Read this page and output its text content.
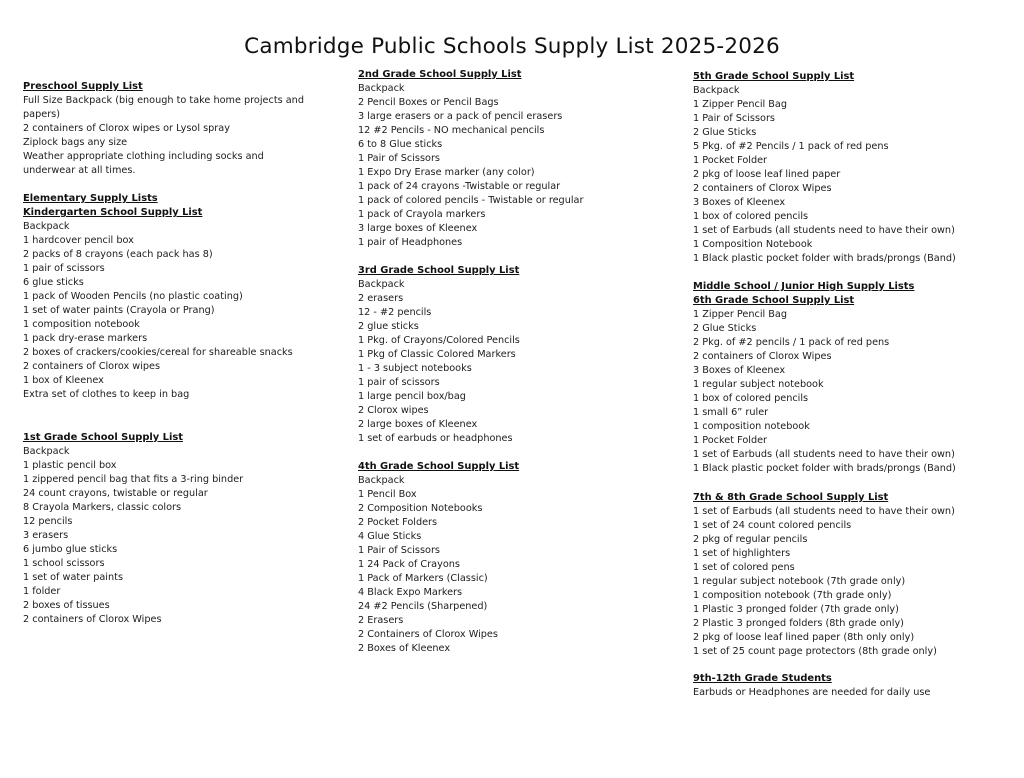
Cambridge Public Schools Supply List 2025-2026
Preschool Supply List
Full Size Backpack (big enough to take home projects and papers)
2 containers of Clorox wipes or Lysol spray
Ziplock bags any size
Weather appropriate clothing including socks and underwear at all times.
Elementary Supply Lists
Kindergarten School Supply List
Backpack
1 hardcover pencil box
2 packs of 8 crayons (each pack has 8)
1 pair of scissors
6 glue sticks
1 pack of Wooden Pencils (no plastic coating)
1 set of water paints (Crayola or Prang)
1 composition notebook
1 pack dry-erase markers
2 boxes of crackers/cookies/cereal for shareable snacks
2 containers of Clorox wipes
1 box of Kleenex
Extra set of clothes to keep in bag
1st Grade School Supply List
Backpack
1 plastic pencil box
1 zippered pencil bag that fits a 3-ring binder
24 count crayons, twistable or regular
8 Crayola Markers, classic colors
12 pencils
3 erasers
6 jumbo glue sticks
1 school scissors
1 set of water paints
1 folder
2 boxes of tissues
2 containers of Clorox Wipes
2nd Grade School Supply List
Backpack
2 Pencil Boxes or Pencil Bags
3 large erasers or a pack of pencil erasers
12 #2 Pencils - NO mechanical pencils
6 to 8 Glue sticks
1 Pair of Scissors
1 Expo Dry Erase marker (any color)
1 pack of 24 crayons -Twistable or regular
1 pack of colored pencils - Twistable or regular
1 pack of Crayola markers
3 large boxes of Kleenex
1 pair of Headphones
3rd Grade School Supply List
Backpack
2 erasers
12 - #2 pencils
2 glue sticks
1 Pkg. of Crayons/Colored Pencils
1 Pkg of Classic Colored Markers
1 - 3 subject notebooks
1 pair of scissors
1 large pencil box/bag
2 Clorox wipes
2 large boxes of Kleenex
1 set of earbuds or headphones
4th Grade School Supply List
Backpack
1 Pencil Box
2 Composition Notebooks
2 Pocket Folders
4 Glue Sticks
1 Pair of Scissors
1 24 Pack of Crayons
1 Pack of Markers (Classic)
4 Black Expo Markers
24 #2 Pencils (Sharpened)
2 Erasers
2 Containers of Clorox Wipes
2 Boxes of Kleenex
5th Grade School Supply List
Backpack
1 Zipper Pencil Bag
1 Pair of Scissors
2 Glue Sticks
5 Pkg. of #2 Pencils / 1 pack of red pens
1 Pocket Folder
2 pkg of loose leaf lined paper
2 containers of Clorox Wipes
3 Boxes of Kleenex
1 box of colored pencils
1 set of Earbuds (all students need to have their own)
1 Composition Notebook
1 Black plastic pocket folder with brads/prongs (Band)
Middle School / Junior High Supply Lists
6th Grade School Supply List
1 Zipper Pencil Bag
2 Glue Sticks
2 Pkg. of #2 pencils / 1 pack of red pens
2 containers of Clorox Wipes
3 Boxes of Kleenex
1 regular subject notebook
1 box of colored pencils
1 small 6” ruler
1 composition notebook
1 Pocket Folder
1 set of Earbuds (all students need to have their own)
1 Black plastic pocket folder with brads/prongs (Band)
7th & 8th Grade School Supply List
1 set of Earbuds (all students need to have their own)
1 set of 24 count colored pencils
2 pkg of regular pencils
1 set of highlighters
1 set of colored pens
1 regular subject notebook (7th grade only)
1 composition notebook (7th grade only)
1 Plastic 3 pronged folder (7th grade only)
2 Plastic 3 pronged folders (8th grade only)
2 pkg of loose leaf lined paper (8th only only)
1 set of 25 count page protectors (8th grade only)
9th-12th Grade Students
Earbuds or Headphones are needed for daily use
